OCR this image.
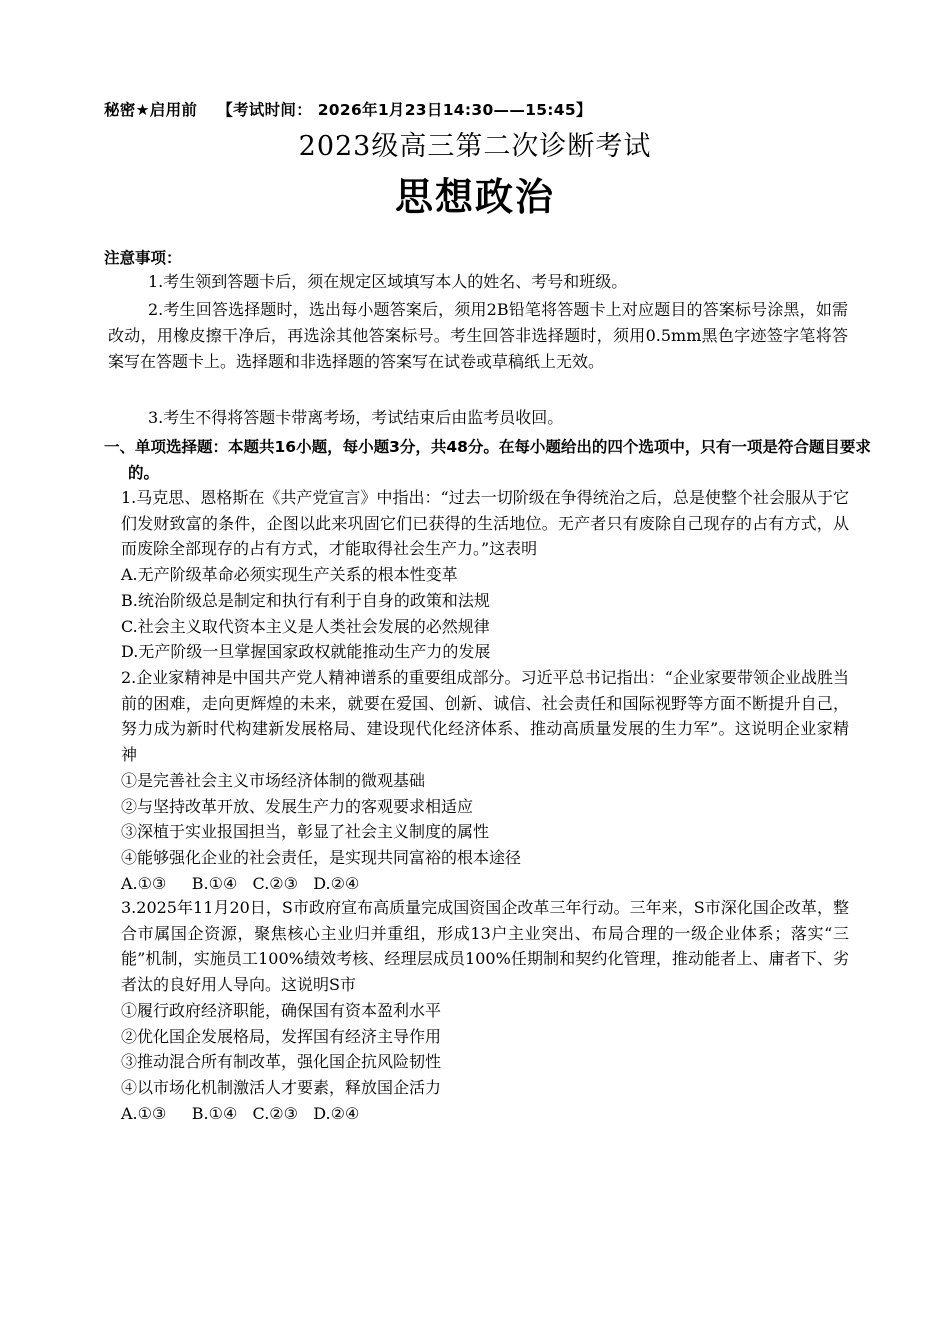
秘密★启用前 【考试时间： 2026年1月23日14:30——15:45】
2023级高三第二次诊断考试
思想政治
注意事项：
1.考生领到答题卡后，须在规定区域填写本人的姓名、考号和班级。
2.考生回答选择题时，选出每小题答案后，须用2B铅笔将答题卡上对应题目的答案标号涂黑，如需改动，用橡皮擦干净后，再选涂其他答案标号。考生回答非选择题时，须用0.5mm黑色字迹签字笔将答案写在答题卡上。选择题和非选择题的答案写在试卷或草稿纸上无效。
3.考生不得将答题卡带离考场，考试结束后由监考员收回。
一、单项选择题：本题共16小题，每小题3分，共48分。在每小题给出的四个选项中，只有一项是符合题目要求的。

1.马克思、恩格斯在《共产党宣言》中指出：“过去一切阶级在争得统治之后，总是使整个社会服从于它们发财致富的条件，企图以此来巩固它们已获得的生活地位。无产者只有废除自己现存的占有方式，从而废除全部现存的占有方式，才能取得社会生产力。”这表明

A.无产阶级革命必须实现生产关系的根本性变革

B.统治阶级总是制定和执行有利于自身的政策和法规

C.社会主义取代资本主义是人类社会发展的必然规律

D.无产阶级一旦掌握国家政权就能推动生产力的发展

2.企业家精神是中国共产党人精神谱系的重要组成部分。习近平总书记指出：“企业家要带领企业战胜当前的困难，走向更辉煌的未来，就要在爱国、创新、诚信、社会责任和国际视野等方面不断提升自己，努力成为新时代构建新发展格局、建设现代化经济体系、推动高质量发展的生力军”。这说明企业家精神

①是完善社会主义市场经济体制的微观基础

②与坚持改革开放、发展生产力的客观要求相适应

③深植于实业报国担当，彰显了社会主义制度的属性

④能够强化企业的社会责任，是实现共同富裕的根本途径

A.①③     B.①④   C.②③   D.②④

3.2025年11月20日，S市政府宣布高质量完成国资国企改革三年行动。三年来，S市深化国企改革，整合市属国企资源，聚焦核心主业归并重组，形成13户主业突出、布局合理的一级企业体系；落实“三能”机制，实施员工100%绩效考核、经理层成员100%任期制和契约化管理，推动能者上、庸者下、劣者汰的良好用人导向。这说明S市

①履行政府经济职能，确保国有资本盈利水平

②优化国企发展格局，发挥国有经济主导作用

③推动混合所有制改革，强化国企抗风险韧性

④以市场化机制激活人才要素，释放国企活力

A.①③     B.①④   C.②③   D.②④
